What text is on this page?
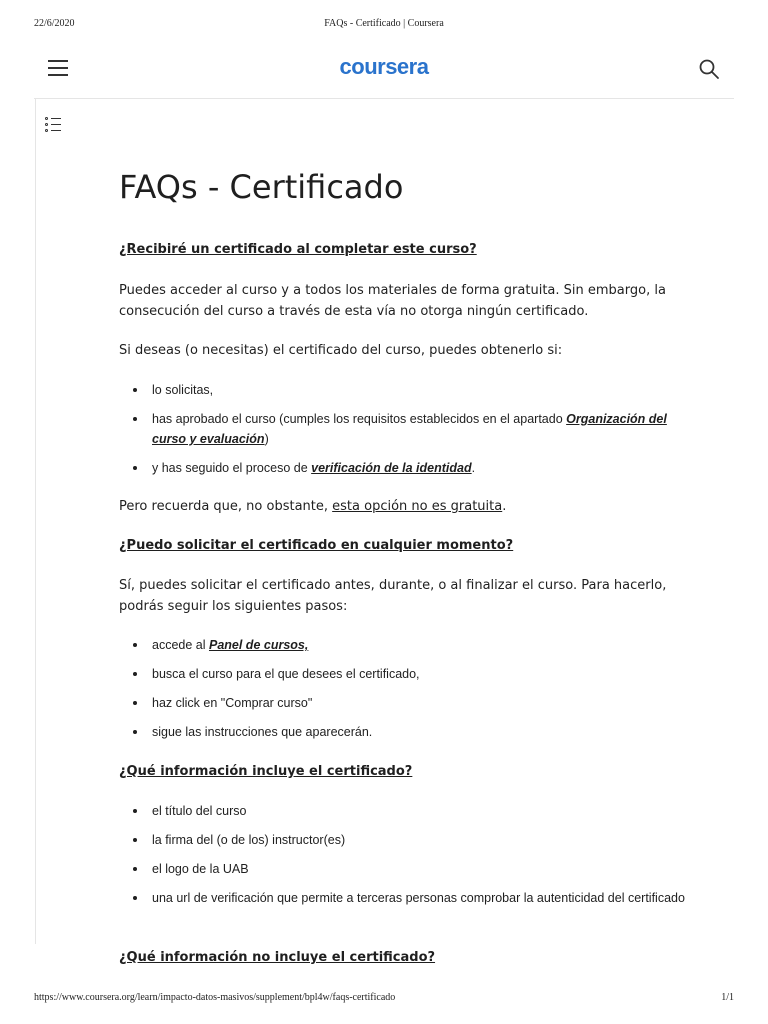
22/6/2020	FAQs - Certificado | Coursera
coursera
FAQs - Certificado

¿Recibiré un certificado al completar este curso?

Puedes acceder al curso y a todos los materiales de forma gratuita. Sin embargo, la consecución del curso a través de esta vía no otorga ningún certificado.

Si deseas (o necesitas) el certificado del curso, puedes obtenerlo si:

lo solicitas,
has aprobado el curso (cumples los requisitos establecidos en el apartado Organización del curso y evaluación)
y has seguido el proceso de verificación de la identidad.

Pero recuerda que, no obstante, esta opción no es gratuita.

¿Puedo solicitar el certificado en cualquier momento?

Sí, puedes solicitar el certificado antes, durante, o al finalizar el curso. Para hacerlo, podrás seguir los siguientes pasos:

accede al Panel de cursos,
busca el curso para el que desees el certificado,
haz click en "Comprar curso"
sigue las instrucciones que aparecerán.

¿Qué información incluye el certificado?

el título del curso
la firma del (o de los) instructor(es)
el logo de la UAB
una url de verificación que permite a terceras personas comprobar la autenticidad del certificado

¿Qué información no incluye el certificado?

https://www.coursera.org/learn/impacto-datos-masivos/supplement/bpl4w/faqs-certificado	1/1
